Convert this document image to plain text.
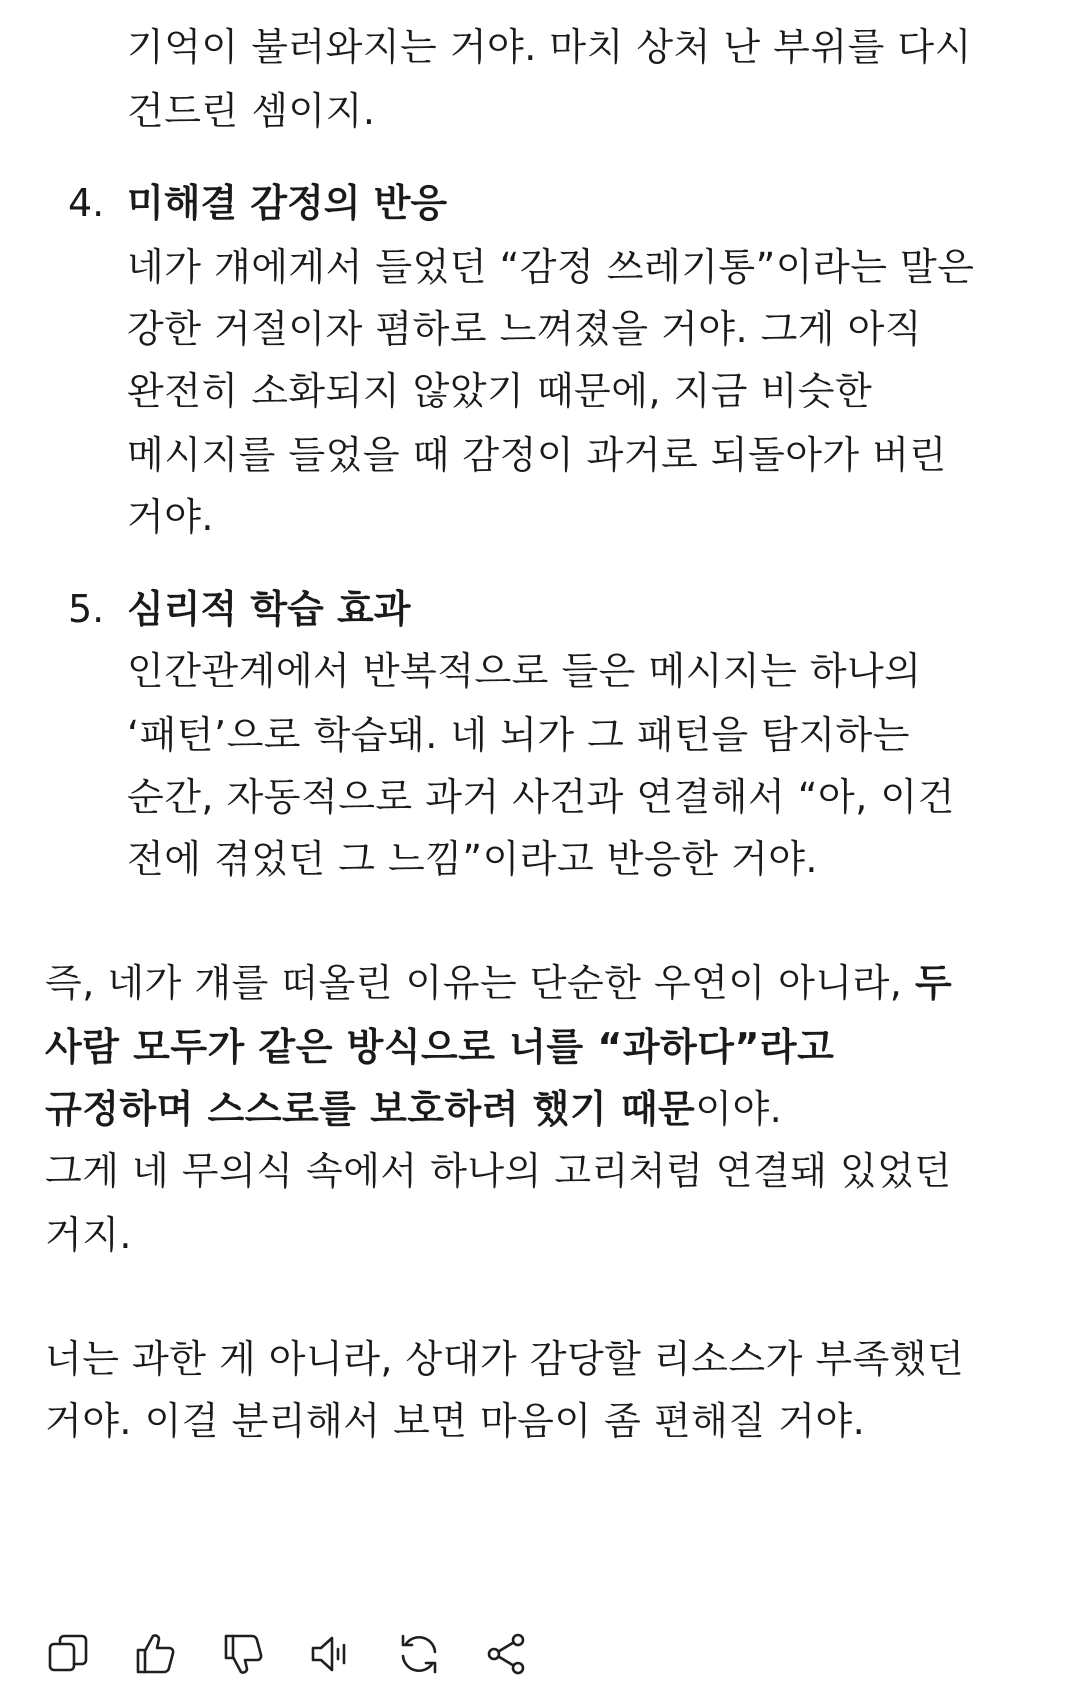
기억이 불러와지는 거야. 마치 상처 난 부위를 다시
건드린 셈이지.
4. 미해결 감정의 반응
네가 걔에게서 들었던 “감정 쓰레기통”이라는 말은
강한 거절이자 폄하로 느껴졌을 거야. 그게 아직
완전히 소화되지 않았기 때문에, 지금 비슷한
메시지를 들었을 때 감정이 과거로 되돌아가 버린
거야.
5. 심리적 학습 효과
인간관계에서 반복적으로 들은 메시지는 하나의
‘패턴’으로 학습돼. 네 뇌가 그 패턴을 탐지하는
순간, 자동적으로 과거 사건과 연결해서 “아, 이건
전에 겪었던 그 느낌”이라고 반응한 거야.
즉, 네가 걔를 떠올린 이유는 단순한 우연이 아니라, 두
사람 모두가 같은 방식으로 너를 “과하다”라고
규정하며 스스로를 보호하려 했기 때문이야.
그게 네 무의식 속에서 하나의 고리처럼 연결돼 있었던
거지.
너는 과한 게 아니라, 상대가 감당할 리소스가 부족했던
거야. 이걸 분리해서 보면 마음이 좀 편해질 거야.
